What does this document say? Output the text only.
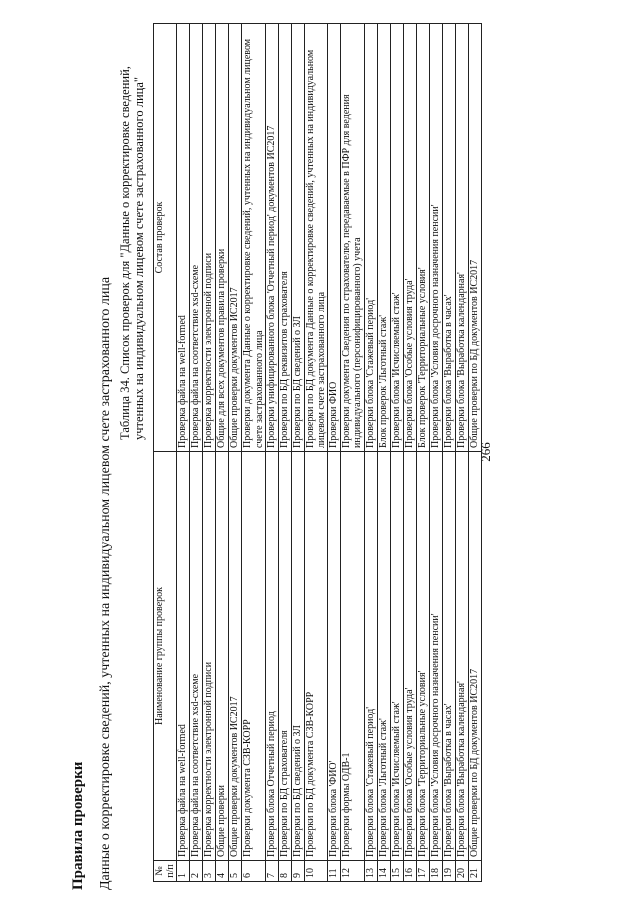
266
Правила проверки Данные о корректировке сведений, учтенных на индивидуальном лицевом счете застрахованного лица
Таблица 34. Список проверок для "Данные о корректировке сведений, учтенных на индивидуальном лицевом счете застрахованного лица"
№ п/п	Наименование группы проверок	Состав проверок
1	Проверка файла на well-formed	Проверка файла на well-formed
2	Проверка файла на соответствие xsd-схеме	Проверка файла на соответствие xsd-схеме
3	Проверка корректности электронной подписи	Проверка корректности электронной подписи
4	Общие проверки	Общие для всех документов правила проверки
5	Общие проверки документов ИС2017	Общие проверки документов ИС2017
6	Проверки документа СЗВ-КОРР	Проверки документа Данные о корректировке сведений, учтенных на индивидуальном лицевом счете застрахованного лица
7	Проверки блока Отчетный период	Проверки унифицированного блока 'Отчетный период' документов ИС2017
8	Проверки по БД страхователя	Проверки по БД реквизитов страхователя
9	Проверки по БД сведений о ЗЛ	Проверки по БД сведений о ЗЛ
10	Проверки по БД документа СЗВ-КОРР	Проверки по БД документа Данные о корректировке сведений, учтенных на индивидуальном лицевом счете застрахованного лица
11	Проверки блока 'ФИО'	Проверки ФИО
12	Проверки формы ОДВ-1	Проверки документа Сведения по страхователю, передаваемые в ПФР для ведения индивидуального (персонифицированного) учета
13	Проверки блока 'Стажевый период'	Проверки блока 'Стажевый период'
14	Проверки блока 'Льготный стаж'	Блок проверок 'Льготный стаж'
15	Проверки блока 'Исчисляемый стаж'	Проверки блока 'Исчисляемый стаж'
16	Проверки блока 'Особые условия труда'	Проверки блока 'Особые условия труда'
17	Проверки блока 'Территориальные условия'	Блок проверок 'Территориальные условия'
18	Проверки блока 'Условия досрочного назначения пенсии'	Проверки блока 'Условия досрочного назначения пенсии'
19	Проверки блока 'Выработка в часах'	Проверки блока 'Выработка в часах'
20	Проверки блока 'Выработка календарная'	Проверки блока 'Выработка календарная'
21	Общие проверки по БД документов ИС2017	Общие проверки по БД документов ИС2017
